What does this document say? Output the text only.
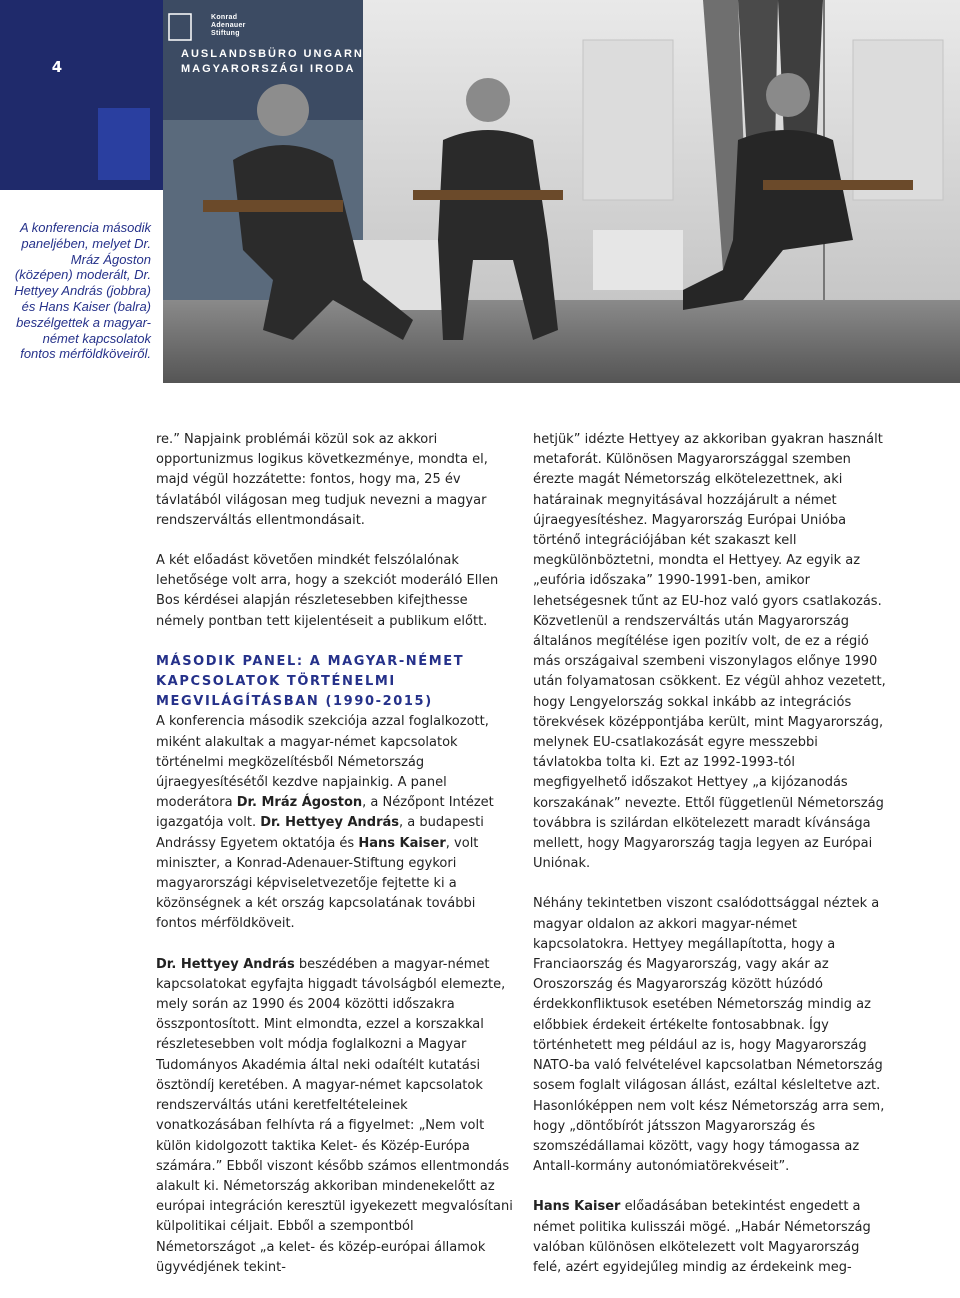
4
A konferencia második paneljében, melyet Dr. Mráz Ágoston (középen) moderált, Dr. Hettyey András (jobbra) és Hans Kaiser (balra) beszélgettek a magyar-német kapcsolatok fontos mérföldköveiről.
Konrad
Adenauer
Stiftung
AUSLANDSBÜRO UNGARN
MAGYARORSZÁGI IRODA

re.” Napjaink problémái közül sok az akkori opportunizmus logikus következménye, mondta el, majd végül hozzátette: fontos, hogy ma, 25 év távlatából világosan meg tudjuk nevezni a magyar rendszerváltás ellentmondásait.

A két előadást követően mindkét felszólalónak lehetősége volt arra, hogy a szekciót moderáló Ellen Bos kérdései alapján részletesebben kifejthesse némely pontban tett kijelentéseit a publikum előtt.

MÁSODIK PANEL: A MAGYAR-NÉMET KAPCSOLATOK TÖRTÉNELMI MEGVILÁGÍTÁSBAN (1990-2015)

A konferencia második szekciója azzal foglalkozott, miként alakultak a magyar-német kapcsolatok történelmi megközelítésből Németország újraegyesítésétől kezdve napjainkig. A panel moderátora Dr. Mráz Ágoston, a Nézőpont Intézet igazgatója volt. Dr. Hettyey András, a budapesti Andrássy Egyetem oktatója és Hans Kaiser, volt miniszter, a Konrad-Adenauer-Stiftung egykori magyarországi képviseletvezetője fejtette ki a közönségnek a két ország kapcsolatának további fontos mérföldköveit.

Dr. Hettyey András beszédében a magyar-német kapcsolatokat egyfajta higgadt távolságból elemezte, mely során az 1990 és 2004 közötti időszakra összpontosított. Mint elmondta, ezzel a korszakkal részletesebben volt módja foglalkozni a Magyar Tudományos Akadémia által neki odaítélt kutatási ösztöndíj keretében. A magyar-német kapcsolatok rendszerváltás utáni keretfeltételeinek vonatkozásában felhívta rá a figyelmet: „Nem volt külön kidolgozott taktika Kelet- és Közép-Európa számára.” Ebből viszont később számos ellentmondás alakult ki. Németország akkoriban mindenekelőtt az európai integráción keresztül igyekezett megvalósítani külpolitikai céljait. Ebből a szempontból Németországot „a kelet- és közép-európai államok ügyvédjének tekint-

hetjük” idézte Hettyey az akkoriban gyakran használt metaforát. Különösen Magyarországgal szemben érezte magát Németország elkötelezettnek, aki határainak megnyitásával hozzájárult a német újraegyesítéshez. Magyarország Európai Unióba történő integrációjában két szakaszt kell megkülönböztetni, mondta el Hettyey. Az egyik az „eufória időszaka” 1990-1991-ben, amikor lehetségesnek tűnt az EU-hoz való gyors csatlakozás. Közvetlenül a rendszerváltás után Magyarország általános megítélése igen pozitív volt, de ez a régió más országaival szembeni viszonylagos előnye 1990 után folyamatosan csökkent. Ez végül ahhoz vezetett, hogy Lengyelország sokkal inkább az integrációs törekvések középpontjába került, mint Magyarország, melynek EU-csatlakozását egyre messzebbi távlatokba tolta ki. Ezt az 1992-1993-tól megfigyelhető időszakot Hettyey „a kijózanodás korszakának” nevezte. Ettől függetlenül Németország továbbra is szilárdan elkötelezett maradt kívánsága mellett, hogy Magyarország tagja legyen az Európai Uniónak.

Néhány tekintetben viszont csalódottsággal néztek a magyar oldalon az akkori magyar-német kapcsolatokra. Hettyey megállapította, hogy a Franciaország és Magyarország, vagy akár az Oroszország és Magyarország között húzódó érdekkonfliktusok esetében Németország mindig az előbbiek érdekeit értékelte fontosabbnak. Így történhetett meg például az is, hogy Magyarország NATO-ba való felvételével kapcsolatban Németország sosem foglalt világosan állást, ezáltal késleltetve azt. Hasonlóképpen nem volt kész Németország arra sem, hogy „döntőbírót játsszon Magyarország és szomszédállamai között, vagy hogy támogassa az Antall-kormány autonómiatörekvéseit”.

Hans Kaiser előadásában betekintést engedett a német politika kulisszái mögé. „Habár Németország valóban különösen elkötelezett volt Magyarország felé, azért egyidejűleg mindig az érdekeink meg-
